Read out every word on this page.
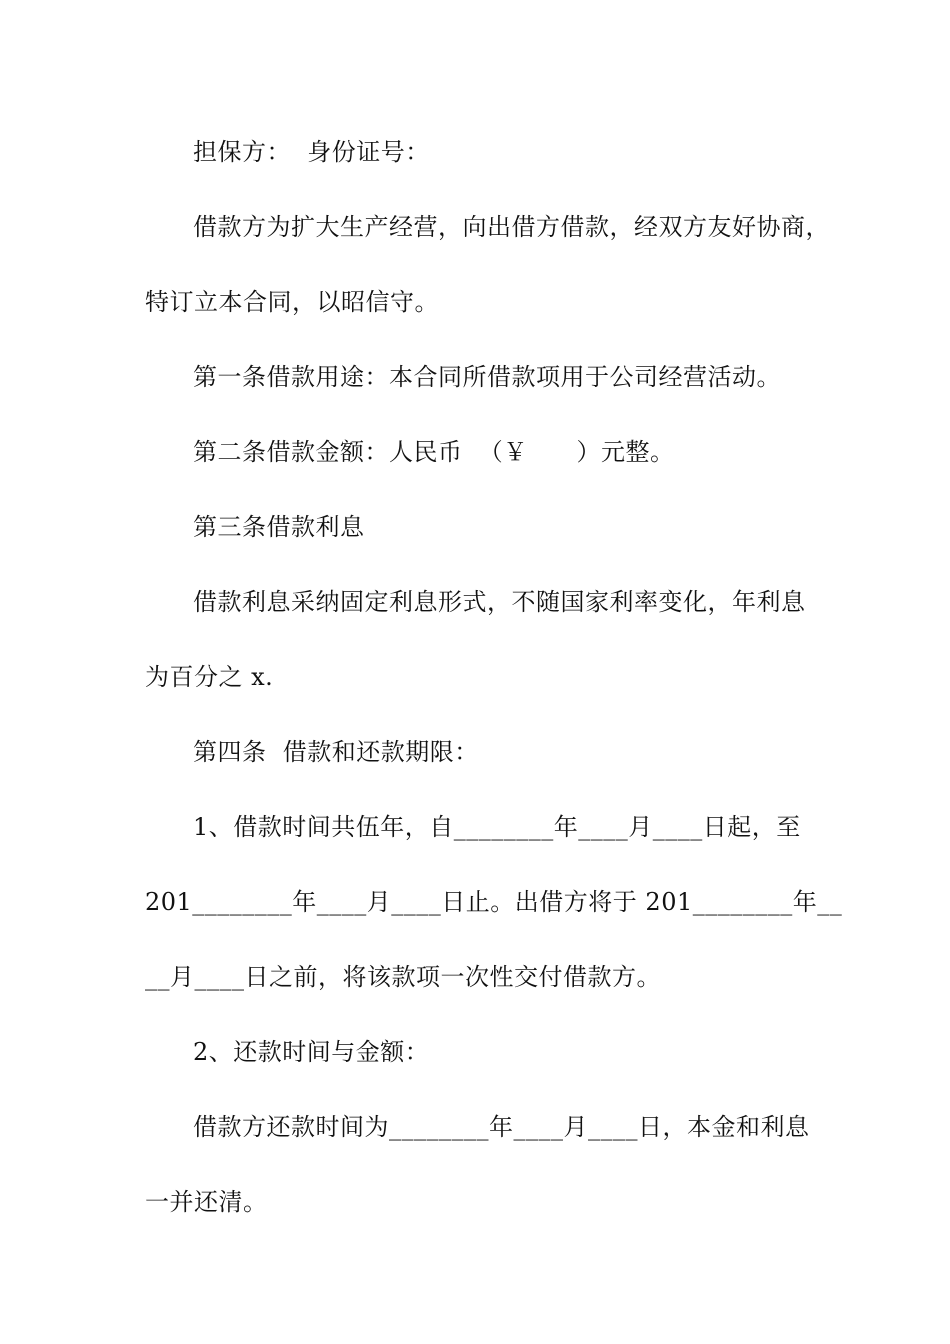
担保方：  身份证号：
借款方为扩大生产经营，向出借方借款，经双方友好协商，
特订立本合同，以昭信守。
第一条借款用途：本合同所借款项用于公司经营活动。
第二条借款金额：人民币  （￥      ）元整。
第三条借款利息
借款利息采纳固定利息形式，不随国家利率变化，年利息
为百分之 x.
第四条  借款和还款期限：
1、借款时间共伍年，自________年____月____日起，至
201________年____月____日止。出借方将于 201________年__
__月____日之前，将该款项一次性交付借款方。
2、还款时间与金额：
借款方还款时间为________年____月____日，本金和利息
一并还清。
